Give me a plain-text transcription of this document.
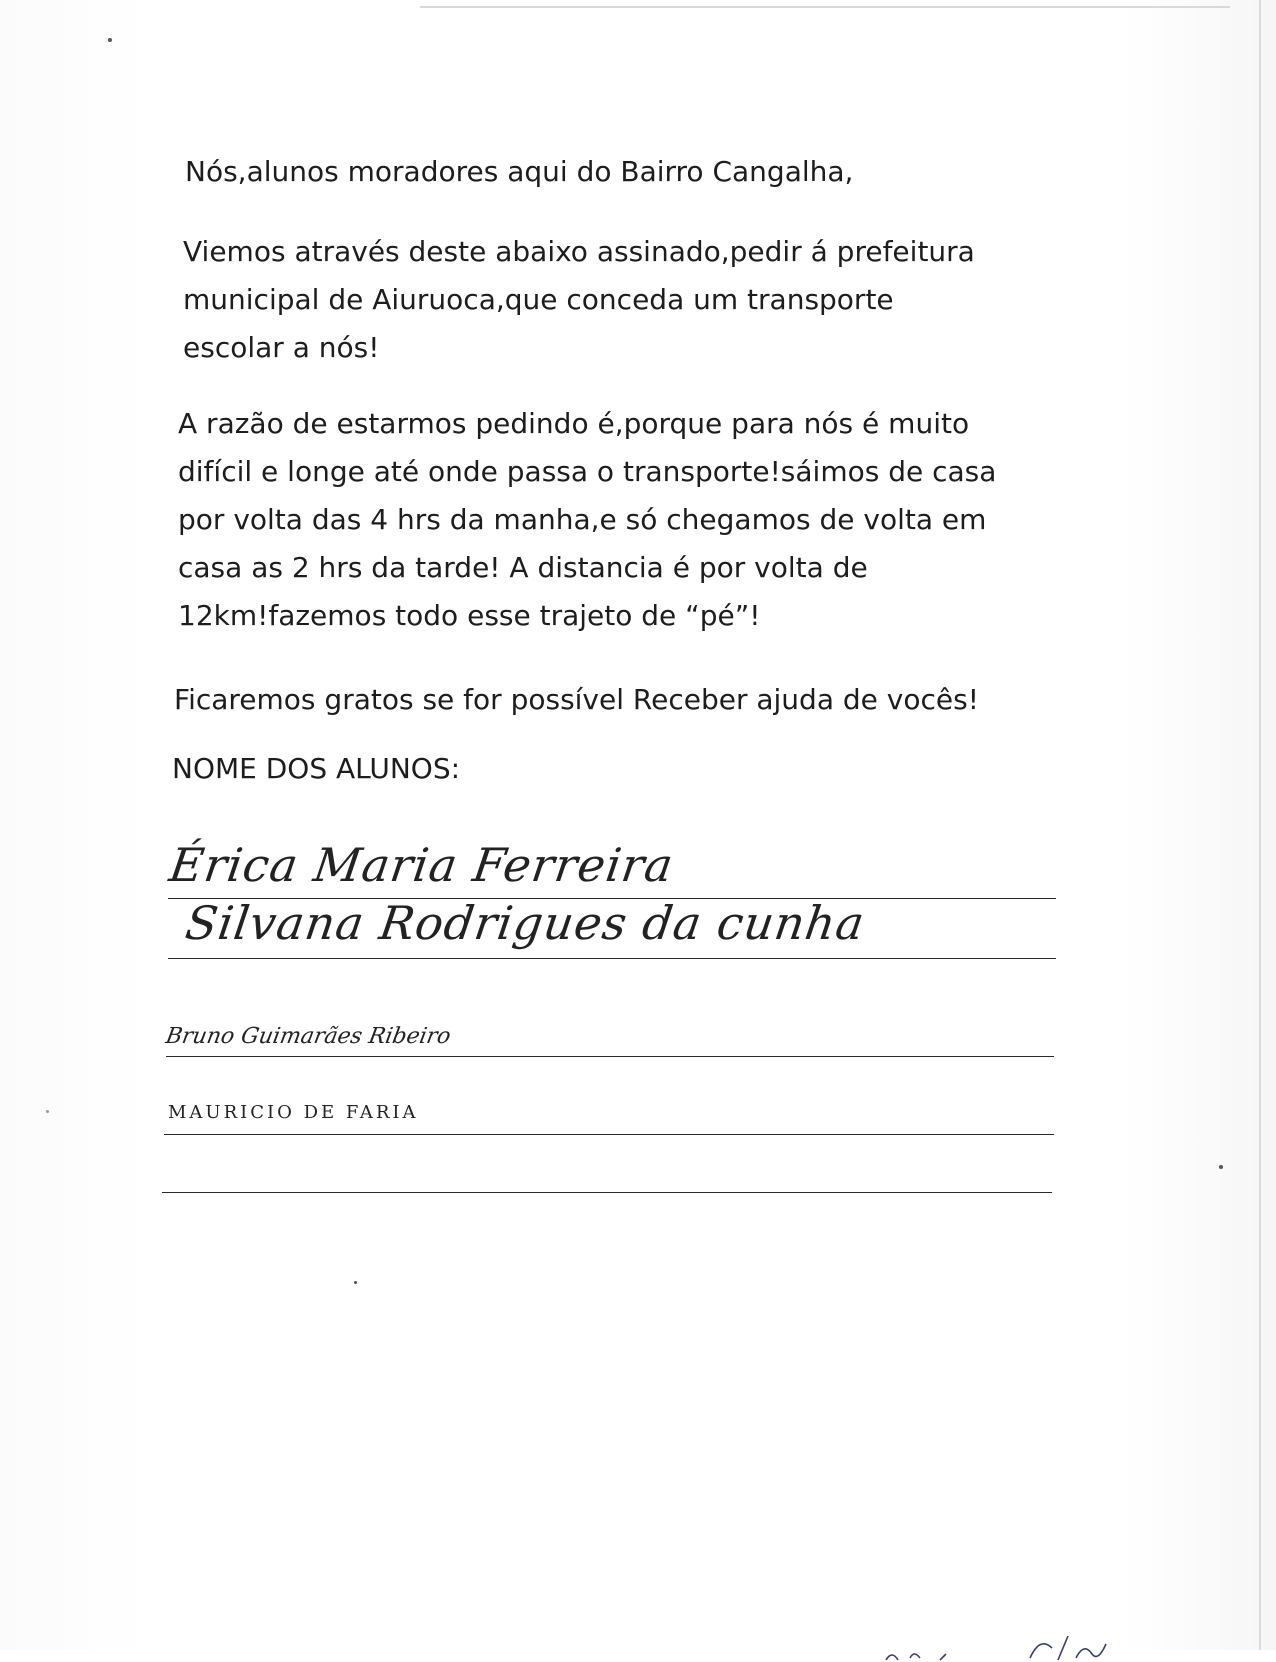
Nós,alunos moradores aqui do Bairro Cangalha,

Viemos através deste abaixo assinado,pedir á prefeitura
municipal de Aiuruoca,que conceda um transporte
escolar a nós!

A razão de estarmos pedindo é,porque para nós é muito
difícil e longe até onde passa o transporte!sáimos de casa
por volta das 4 hrs da manha,e só chegamos de volta em
casa as 2 hrs da tarde! A distancia é por volta de
12km!fazemos todo esse trajeto de “pé”!

Ficaremos gratos se for possível Receber ajuda de vocês!

NOME DOS ALUNOS:

Érica Maria Ferreira
Silvana Rodrigues da cunha
Bruno Guimarães Ribeiro
MAURICIO DE FARIA
